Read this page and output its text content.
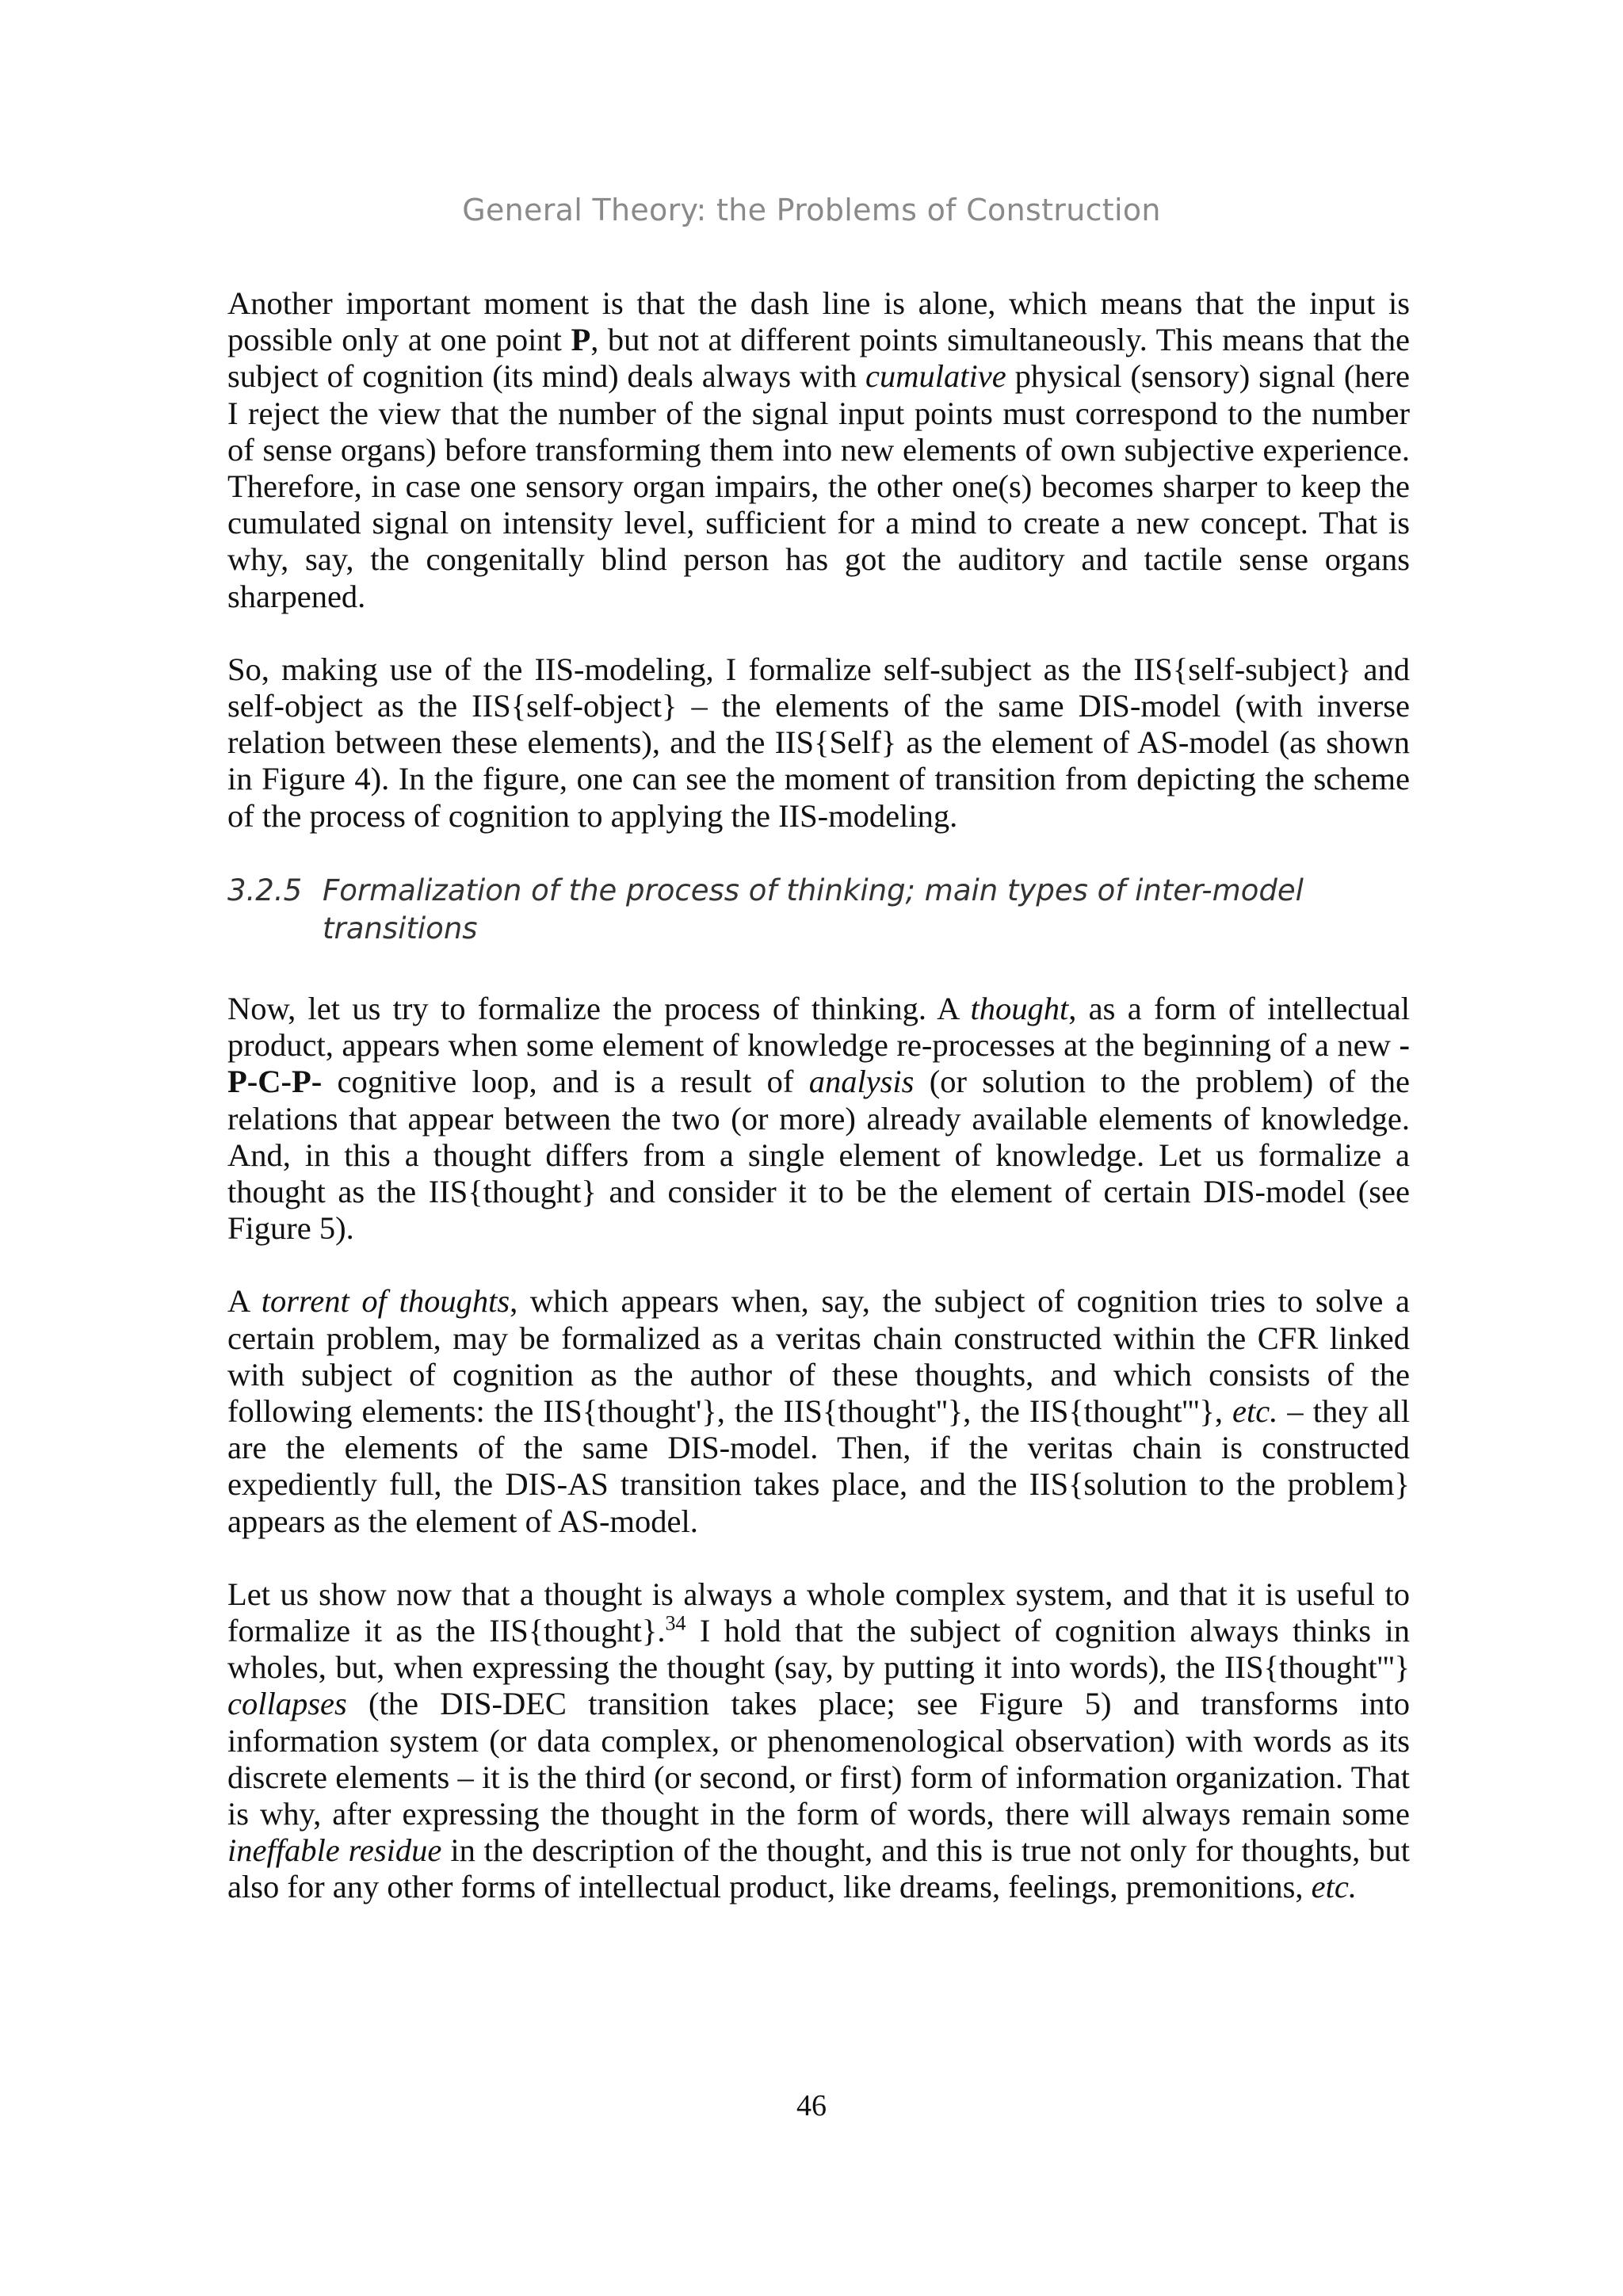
General Theory: the Problems of Construction

Another important moment is that the dash line is alone, which means that the input is possible only at one point P, but not at different points simultaneously. This means that the subject of cognition (its mind) deals always with cumulative physical (sensory) signal (here I reject the view that the number of the signal input points must correspond to the number of sense organs) before transforming them into new elements of own subjective experience. Therefore, in case one sensory organ impairs, the other one(s) becomes sharper to keep the cumulated signal on intensity level, sufficient for a mind to create a new concept. That is why, say, the congenitally blind person has got the auditory and tactile sense organs sharpened.

So, making use of the IIS-modeling, I formalize self-subject as the IIS{self-subject} and self-object as the IIS{self-object} – the elements of the same DIS-model (with inverse relation between these elements), and the IIS{Self} as the element of AS-model (as shown in Figure 4). In the figure, one can see the moment of transition from depicting the scheme of the process of cognition to applying the IIS-modeling.

3.2.5 Formalization of the process of thinking; main types of inter-model transitions

Now, let us try to formalize the process of thinking. A thought, as a form of intellectual product, appears when some element of knowledge re-processes at the beginning of a new -P-C-P- cognitive loop, and is a result of analysis (or solution to the problem) of the relations that appear between the two (or more) already available elements of knowledge. And, in this a thought differs from a single element of knowledge. Let us formalize a thought as the IIS{thought} and consider it to be the element of certain DIS-model (see Figure 5).

A torrent of thoughts, which appears when, say, the subject of cognition tries to solve a certain problem, may be formalized as a veritas chain constructed within the CFR linked with subject of cognition as the author of these thoughts, and which consists of the following elements: the IIS{thought'}, the IIS{thought''}, the IIS{thought'''}, etc. – they all are the elements of the same DIS-model. Then, if the veritas chain is constructed expediently full, the DIS-AS transition takes place, and the IIS{solution to the problem} appears as the element of AS-model.

Let us show now that a thought is always a whole complex system, and that it is useful to formalize it as the IIS{thought}.$^{34}$ I hold that the subject of cognition always thinks in wholes, but, when expressing the thought (say, by putting it into words), the IIS{thought'''} collapses (the DIS-DEC transition takes place; see Figure 5) and transforms into information system (or data complex, or phenomenological observation) with words as its discrete elements – it is the third (or second, or first) form of information organization. That is why, after expressing the thought in the form of words, there will always remain some ineffable residue in the description of the thought, and this is true not only for thoughts, but also for any other forms of intellectual product, like dreams, feelings, premonitions, etc.

46
